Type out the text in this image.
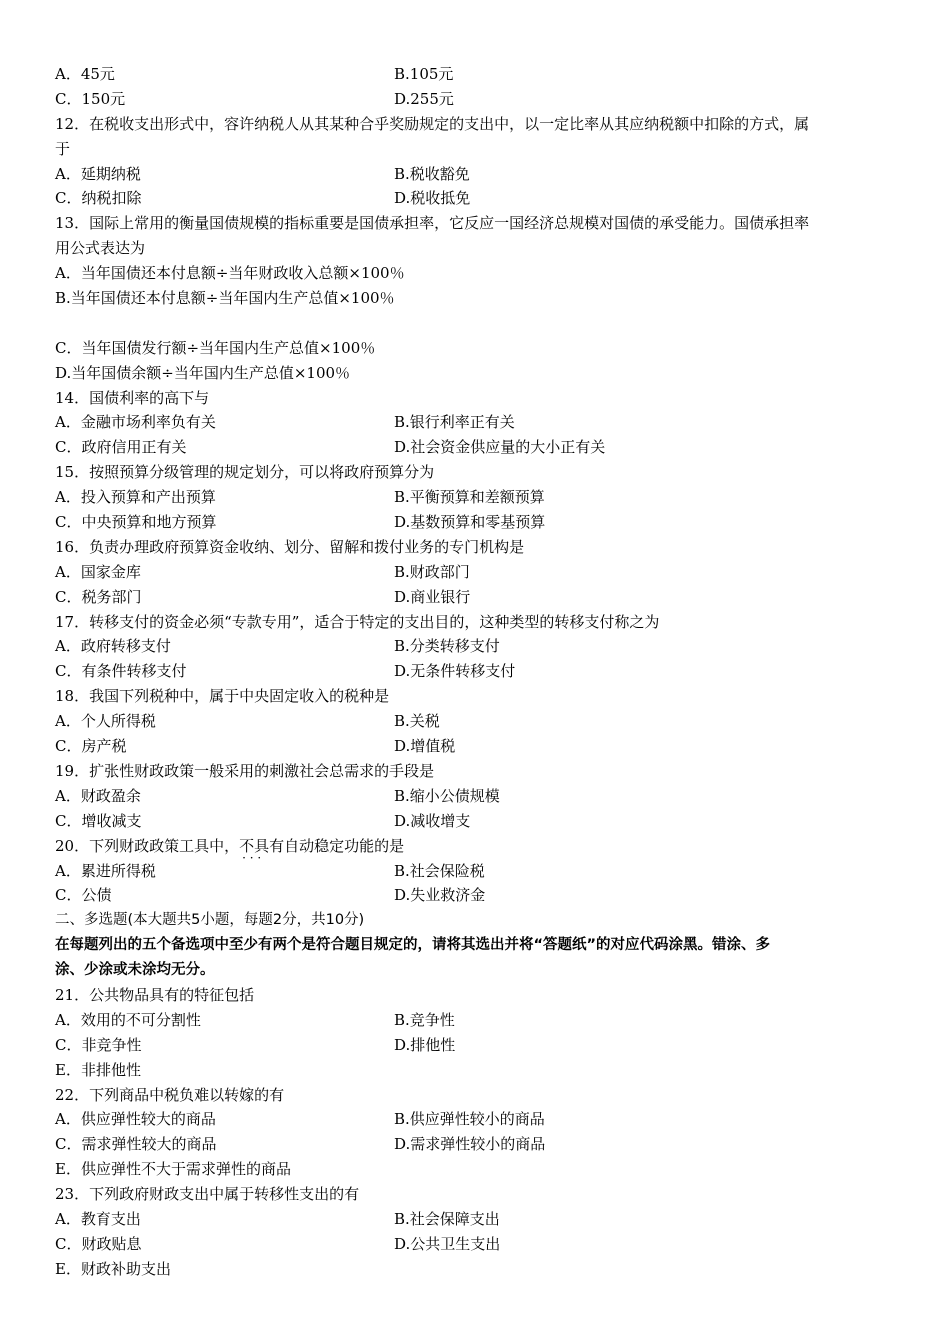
A．45元	B.105元
C．150元	D.255元
12．在税收支出形式中，容许纳税人从其某种合乎奖励规定的支出中，以一定比率从其应纳税额中扣除的方式，属
于
A．延期纳税	B.税收豁免
C．纳税扣除	D.税收抵免
13．国际上常用的衡量国债规模的指标重要是国债承担率，它反应一国经济总规模对国债的承受能力。国债承担率
用公式表达为
A．当年国债还本付息额÷当年财政收入总额×100％
B.当年国债还本付息额÷当年国内生产总值×100％
C．当年国债发行额÷当年国内生产总值×100％
D.当年国债余额÷当年国内生产总值×100％
14．国债利率的高下与
A．金融市场利率负有关	B.银行利率正有关
C．政府信用正有关	D.社会资金供应量的大小正有关
15．按照预算分级管理的规定划分，可以将政府预算分为
A．投入预算和产出预算	B.平衡预算和差额预算
C．中央预算和地方预算	D.基数预算和零基预算
16．负责办理政府预算资金收纳、划分、留解和拨付业务的专门机构是
A．国家金库	B.财政部门
C．税务部门	D.商业银行
17．转移支付的资金必须“专款专用”，适合于特定的支出目的，这种类型的转移支付称之为
A．政府转移支付	B.分类转移支付
C．有条件转移支付	D.无条件转移支付
18．我国下列税种中，属于中央固定收入的税种是
A．个人所得税	B.关税
C．房产税	D.增值税
19．扩张性财政政策一般采用的刺激社会总需求的手段是
A．财政盈余	B.缩小公债规模
C．增收减支	D.减收增支
20．下列财政政策工具中，不具有 · · ·自动稳定功能的是
A．累进所得税	B.社会保险税
C．公债	D.失业救济金
二、多选题(本大题共5小题，每题2分，共10分)
在每题列出的五个备选项中至少有两个是符合题目规定的，请将其选出并将“答题纸”的对应代码涂黑。错涂、多
涂、少涂或未涂均无分。
21．公共物品具有的特征包括
A．效用的不可分割性	B.竞争性
C．非竞争性	D.排他性
E．非排他性
22．下列商品中税负难以转嫁的有
A．供应弹性较大的商品	B.供应弹性较小的商品
C．需求弹性较大的商品	D.需求弹性较小的商品
E．供应弹性不大于需求弹性的商品
23．下列政府财政支出中属于转移性支出的有
A．教育支出	B.社会保障支出
C．财政贴息	D.公共卫生支出
E．财政补助支出
